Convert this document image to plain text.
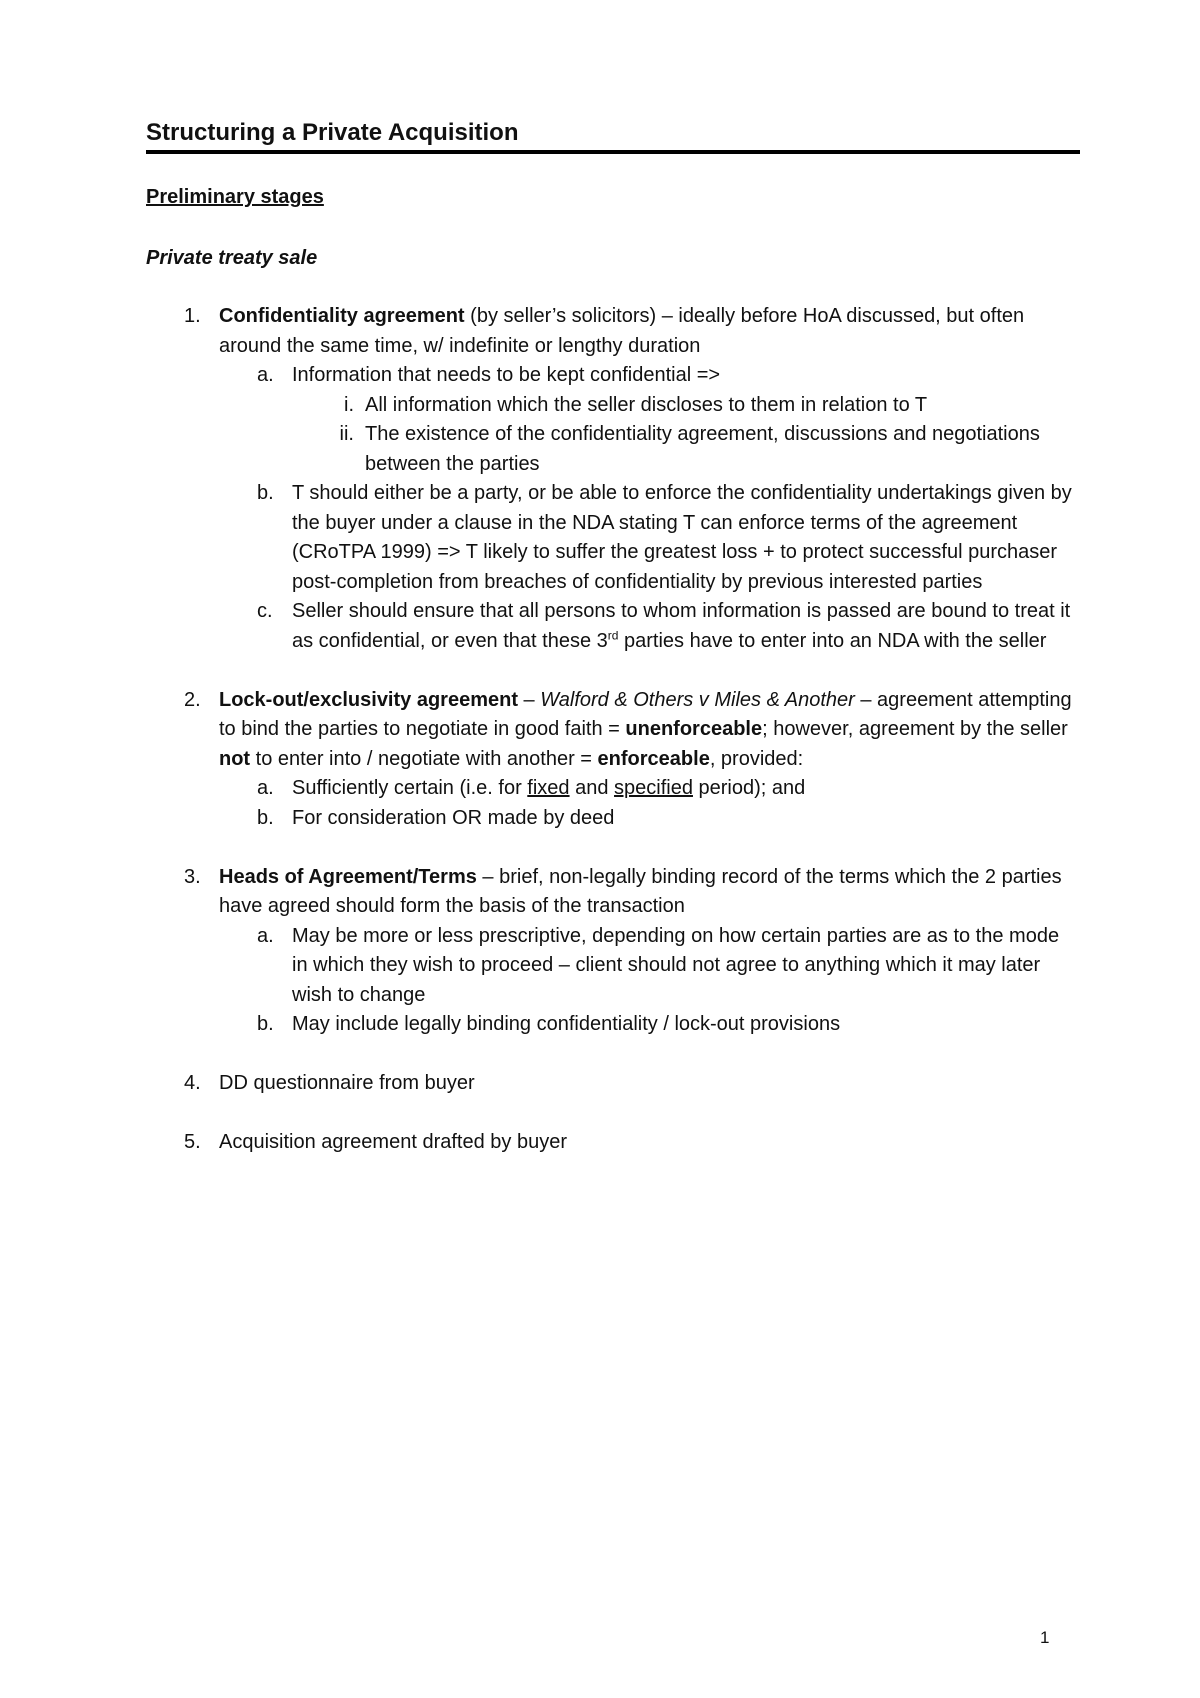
Structuring a Private Acquisition
Preliminary stages
Private treaty sale
1. Confidentiality agreement (by seller’s solicitors) – ideally before HoA discussed, but often around the same time, w/ indefinite or lengthy duration
a. Information that needs to be kept confidential =>
i. All information which the seller discloses to them in relation to T
ii. The existence of the confidentiality agreement, discussions and negotiations between the parties
b. T should either be a party, or be able to enforce the confidentiality undertakings given by the buyer under a clause in the NDA stating T can enforce terms of the agreement (CRoTPA 1999) => T likely to suffer the greatest loss + to protect successful purchaser post-completion from breaches of confidentiality by previous interested parties
c. Seller should ensure that all persons to whom information is passed are bound to treat it as confidential, or even that these 3rd parties have to enter into an NDA with the seller
2. Lock-out/exclusivity agreement – Walford & Others v Miles & Another – agreement attempting to bind the parties to negotiate in good faith = unenforceable; however, agreement by the seller not to enter into / negotiate with another = enforceable, provided:
a. Sufficiently certain (i.e. for fixed and specified period); and
b. For consideration OR made by deed
3. Heads of Agreement/Terms – brief, non-legally binding record of the terms which the 2 parties have agreed should form the basis of the transaction
a. May be more or less prescriptive, depending on how certain parties are as to the mode in which they wish to proceed – client should not agree to anything which it may later wish to change
b. May include legally binding confidentiality / lock-out provisions
4. DD questionnaire from buyer
5. Acquisition agreement drafted by buyer
1
